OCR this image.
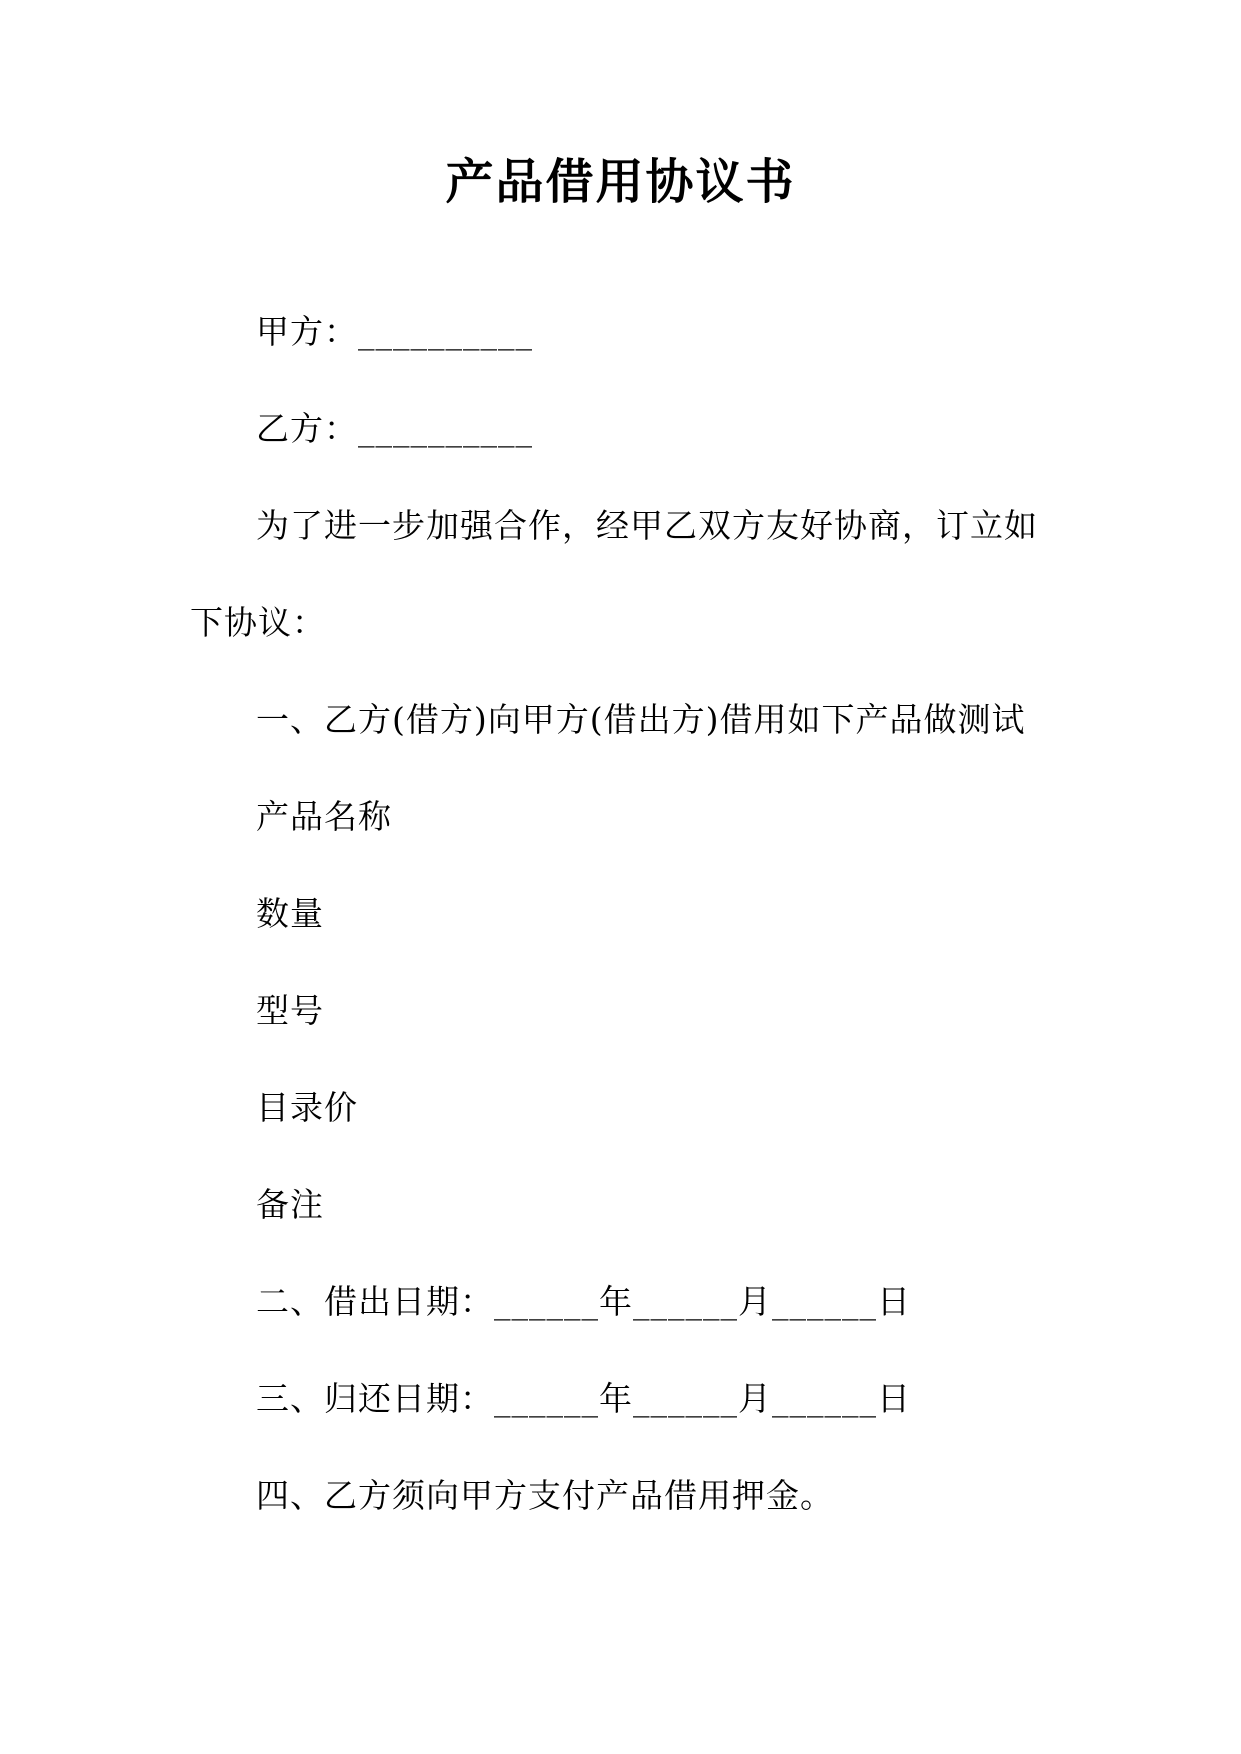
产品借用协议书
甲方：__________
乙方：__________
为了进一步加强合作，经甲乙双方友好协商，订立如
下协议：
一、乙方(借方)向甲方(借出方)借用如下产品做测试
产品名称
数量
型号
目录价
备注
二、借出日期：______年______月______日
三、归还日期：______年______月______日
四、乙方须向甲方支付产品借用押金。
